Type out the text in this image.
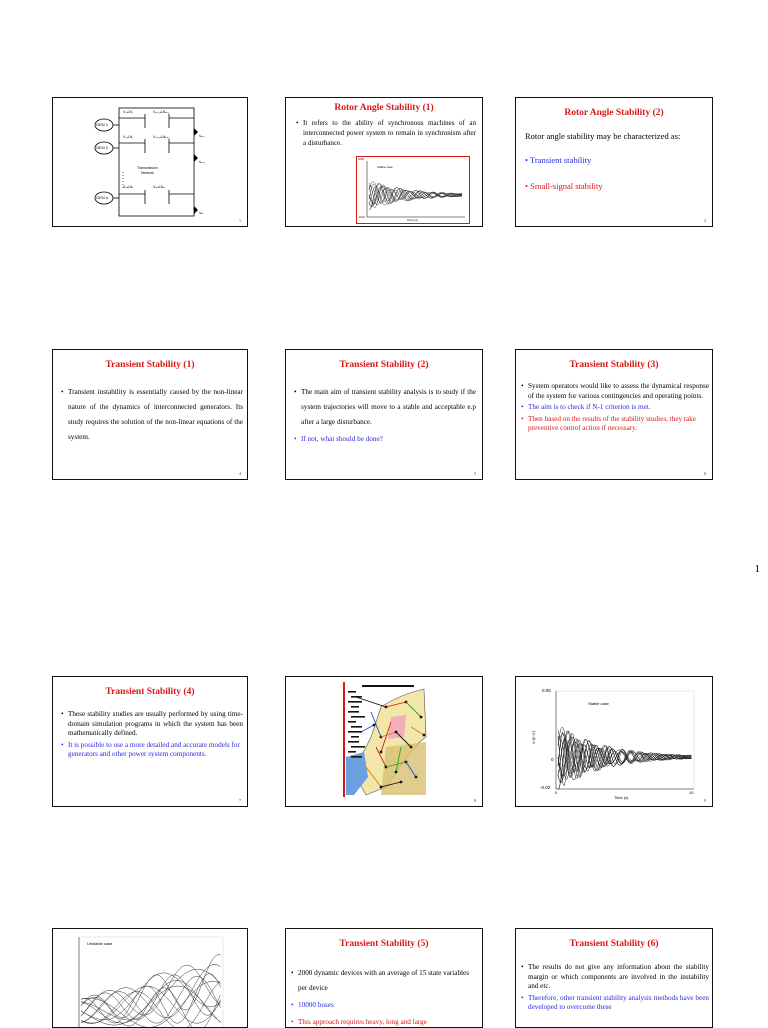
GEN 1
GEN 2
GEN n
Transmission
Network
V₁∠θ₁	Vₙ₊₁∠θₙ₊₁
V₂∠θ₂	Vₙ₊₂∠θₙ₊₂
Vₙ∠θₙ	Vₘ∠θₘ
Sₙ₊₁
Sₙ₊₂
Sₘ
1
Rotor Angle Stability (1)
• It refers to the ability of synchronous machines of an interconnected power system to remain in synchronism after a disturbance.
Stable case
0.05
-0.02
Time (s)
Rotor Angle Stability (2)
Rotor angle stability may be characterized as:
• Transient stability
• Small-signal stability
3
Transient Stability (1)
• Transient instability is essentially caused by the non-linear nature of the dynamics of interconnected generators. Its study requires the solution of the non-linear equations of the system.
4
Transient Stability (2)
• The main aim of transient stability analysis is to study if the system trajectories will move to a stable and acceptable e.p after a large disturbance.
• If not, what should be done?
5
Transient Stability (3)
• System operators would like to assess the dynamical response of the system for various contingencies and operating points.
• The aim is to check if N-1 criterion is met.
• Then based on the results of the stability studies, they take preventive control action if necessary.
6
1
Transient Stability (4)
• These stability studies are usually performed by using time-domain simulation programs in which the system has been mathematically defined.
• It is possible to use a more detailed and accurate models for generators and other power system components.
7	8
Stable case
0.05
0
-0.02
0	10
Time (s)
ω (p.u.)
9
Unstable case	Transient Stability (5)
• 2000 dynamic devices with an average of 15 state variables per device
• 10000 buses
• This approach requires heavy, long and large
Transient Stability (6)
• The results do not give any information about the stability margin or which components are involved in the instability and etc.
• Therefore, other transient stability analysis methods have been developed to overcome these
